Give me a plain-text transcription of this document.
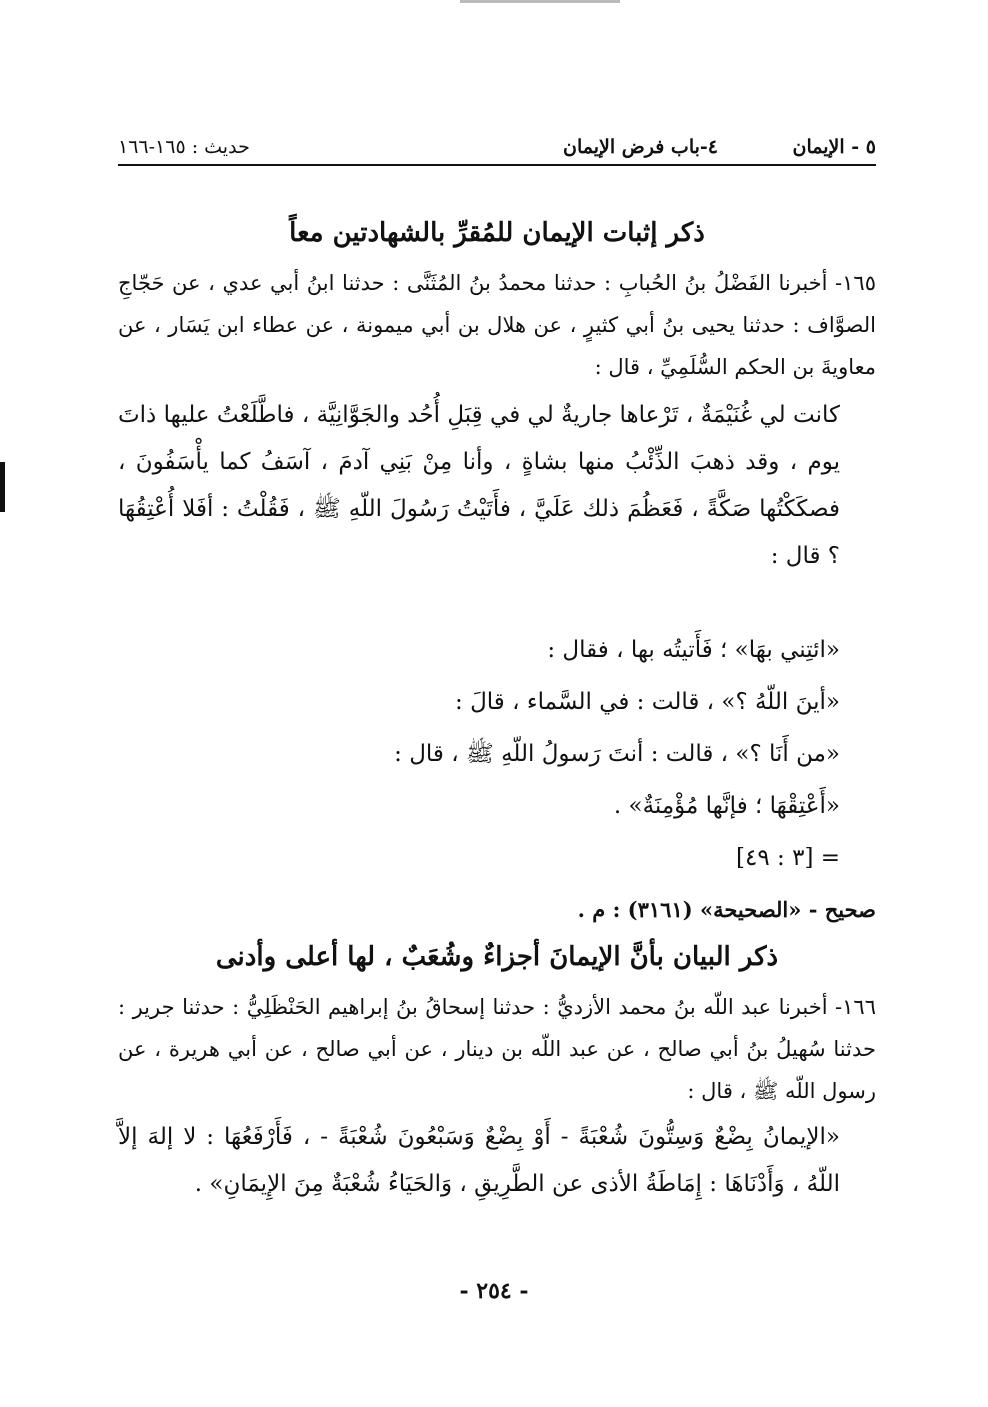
٥ - الإيمان
٤-باب فرض الإيمان
حديث : ١٦٥-١٦٦

ذكر إثبات الإيمان للمُقرِّ بالشهادتين معاً

١٦٥- أخبرنا الفَضْلُ بنُ الحُبابِ : حدثنا محمدُ بنُ المُثَنَّى : حدثنا ابنُ أبي عدي ، عن حَجّاجِ الصوَّاف : حدثنا يحيى بنُ أبي كثيرٍ ، عن هلال بن أبي ميمونة ، عن عطاء ابن يَسَار ، عن معاويةَ بن الحكم السُّلَمِيِّ ، قال :

كانت لي غُنَيْمَةٌ ، تَرْعاها جاريةٌ لي في قِبَلِ أُحُد والجَوَّانِيَّة ، فاطَّلَعْتُ عليها ذاتَ يوم ، وقد ذهبَ الذِّئْبُ منها بشاةٍ ، وأنا مِنْ بَنِي آدمَ ، آسَفُ كما يأْسَفُونَ ، فصكَكْتُها صَكَّةً ، فَعَظُمَ ذلك عَلَيَّ ، فأَتَيْتُ رَسُولَ اللّهِ ﷺ ، فَقُلْتُ : أفَلا أُعْتِقُهَا ؟ قال :

«ائتِني بهَا» ؛ فَأَتيتُه بها ، فقال :

«أينَ اللّهُ ؟» ، قالت : في السَّماء ، قالَ :

«من أَنَا ؟» ، قالت : أنتَ رَسولُ اللّهِ ﷺ ، قال :

«أَعْتِقْهَا ؛ فإنَّها مُؤْمِنَةٌ» .

= [٣ : ٤٩]

صحيح - «الصحيحة» (٣١٦١) : م .

ذكر البيان بأنَّ الإيمانَ أجزاءٌ وشُعَبٌ ، لها أعلى وأدنى

١٦٦- أخبرنا عبد اللّه بنُ محمد الأزديُّ : حدثنا إسحاقُ بنُ إبراهيم الحَنْظَلِيُّ : حدثنا جرير : حدثنا سُهيلُ بنُ أبي صالح ، عن عبد اللّه بن دينار ، عن أبي صالح ، عن أبي هريرة ، عن رسول اللّه ﷺ ، قال :

«الإيمانُ بِضْعٌ وَسِتُّونَ شُعْبَةً - أَوْ بِضْعٌ وَسَبْعُونَ شُعْبَةً - ، فَأَرْفَعُهَا : لا إلهَ إلاَّ اللّهُ ، وَأَدْنَاهَا : إِمَاطَةُ الأذى عن الطَّرِيقِ ، وَالحَيَاءُ شُعْبَةٌ مِنَ الإِيمَانِ» .

- ٢٥٤ -
